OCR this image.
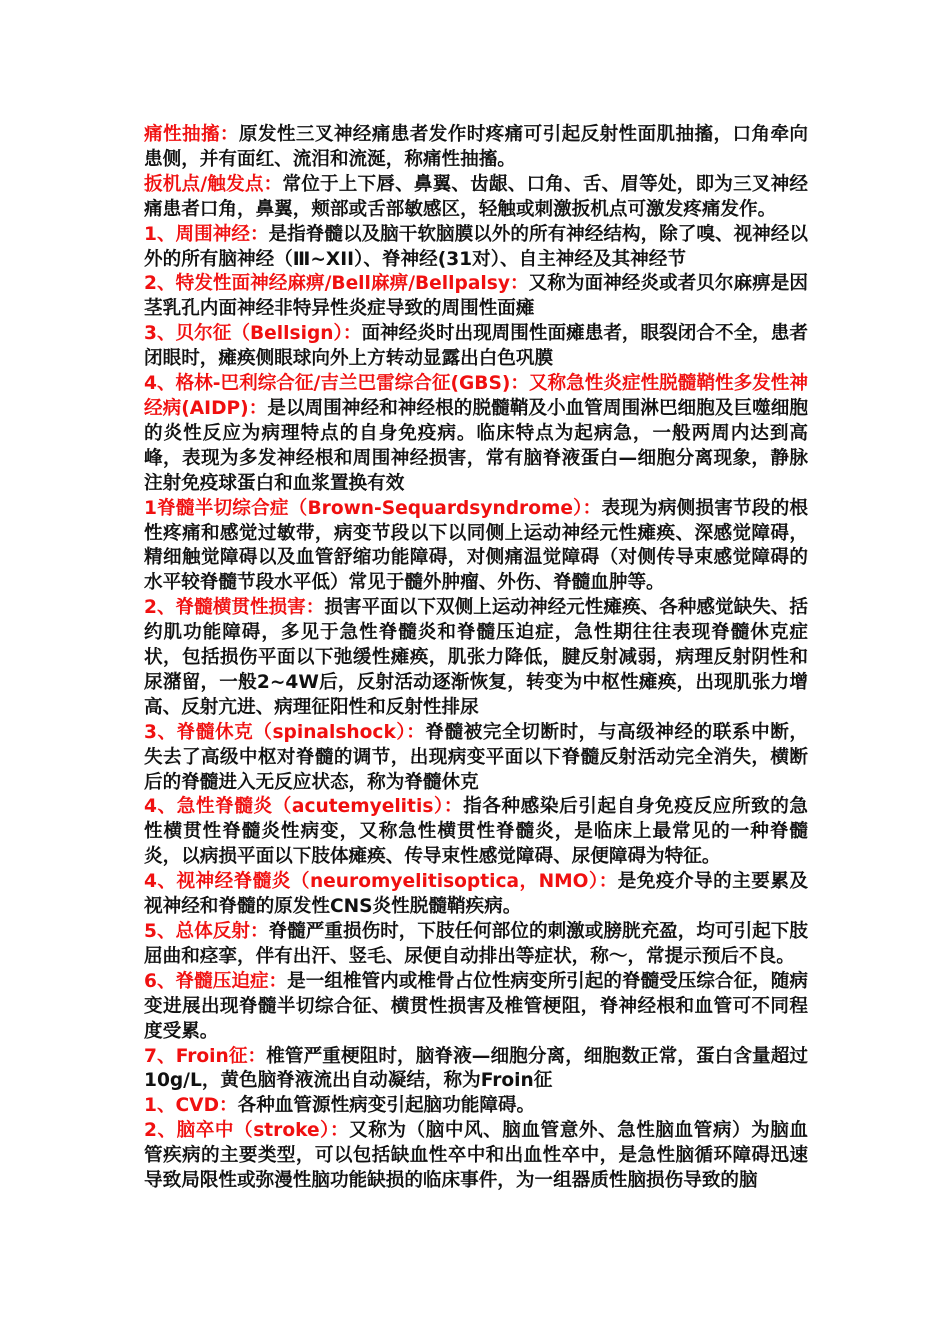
痛性抽搐：原发性三叉神经痛患者发作时疼痛可引起反射性面肌抽搐，口角牵向患侧，并有面红、流泪和流涎，称痛性抽搐。

扳机点/触发点：常位于上下唇、鼻翼、齿龈、口角、舌、眉等处，即为三叉神经痛患者口角，鼻翼，颊部或舌部敏感区，轻触或刺激扳机点可激发疼痛发作。

1、周围神经：是指脊髓以及脑干软脑膜以外的所有神经结构，除了嗅、视神经以外的所有脑神经（Ⅲ~XII）、脊神经(31对）、自主神经及其神经节

2、特发性面神经麻痹/Bell麻痹/Bellpalsy：又称为面神经炎或者贝尔麻痹是因茎乳孔内面神经非特异性炎症导致的周围性面瘫

3、贝尔征（Bellsign）：面神经炎时出现周围性面瘫患者，眼裂闭合不全，患者闭眼时，瘫痪侧眼球向外上方转动显露出白色巩膜

4、格林-巴利综合征/吉兰巴雷综合征(GBS)：又称急性炎症性脱髓鞘性多发性神经病(AIDP)：是以周围神经和神经根的脱髓鞘及小血管周围淋巴细胞及巨噬细胞的炎性反应为病理特点的自身免疫病。临床特点为起病急，一般两周内达到高峰，表现为多发神经根和周围神经损害，常有脑脊液蛋白—细胞分离现象，静脉注射免疫球蛋白和血浆置换有效

1脊髓半切综合症（Brown-Sequardsyndrome）：表现为病侧损害节段的根性疼痛和感觉过敏带，病变节段以下以同侧上运动神经元性瘫痪、深感觉障碍，精细触觉障碍以及血管舒缩功能障碍，对侧痛温觉障碍（对侧传导束感觉障碍的水平较脊髓节段水平低）常见于髓外肿瘤、外伤、脊髓血肿等。

2、脊髓横贯性损害：损害平面以下双侧上运动神经元性瘫痪、各种感觉缺失、括约肌功能障碍，多见于急性脊髓炎和脊髓压迫症，急性期往往表现脊髓休克症状，包括损伤平面以下弛缓性瘫痪，肌张力降低，腱反射减弱，病理反射阴性和尿潴留，一般2~4W后，反射活动逐渐恢复，转变为中枢性瘫痪，出现肌张力增高、反射亢进、病理征阳性和反射性排尿

3、脊髓休克（spinalshock）：脊髓被完全切断时，与高级神经的联系中断，失去了高级中枢对脊髓的调节，出现病变平面以下脊髓反射活动完全消失，横断后的脊髓进入无反应状态，称为脊髓休克

4、急性脊髓炎（acutemyelitis）：指各种感染后引起自身免疫反应所致的急性横贯性脊髓炎性病变，又称急性横贯性脊髓炎，是临床上最常见的一种脊髓炎，以病损平面以下肢体瘫痪、传导束性感觉障碍、尿便障碍为特征。

4、视神经脊髓炎（neuromyelitisoptica，NMO）：是免疫介导的主要累及视神经和脊髓的原发性CNS炎性脱髓鞘疾病。

5、总体反射：脊髓严重损伤时，下肢任何部位的刺激或膀胱充盈，均可引起下肢屈曲和痉挛，伴有出汗、竖毛、尿便自动排出等症状，称～，常提示预后不良。

6、脊髓压迫症：是一组椎管内或椎骨占位性病变所引起的脊髓受压综合征，随病变进展出现脊髓半切综合征、横贯性损害及椎管梗阻，脊神经根和血管可不同程度受累。

7、Froin征：椎管严重梗阻时，脑脊液—细胞分离，细胞数正常，蛋白含量超过10g/L，黄色脑脊液流出自动凝结，称为Froin征

1、CVD：各种血管源性病变引起脑功能障碍。

2、脑卒中（stroke）：又称为（脑中风、脑血管意外、急性脑血管病）为脑血管疾病的主要类型，可以包括缺血性卒中和出血性卒中，是急性脑循环障碍迅速导致局限性或弥漫性脑功能缺损的临床事件，为一组器质性脑损伤导致的脑
